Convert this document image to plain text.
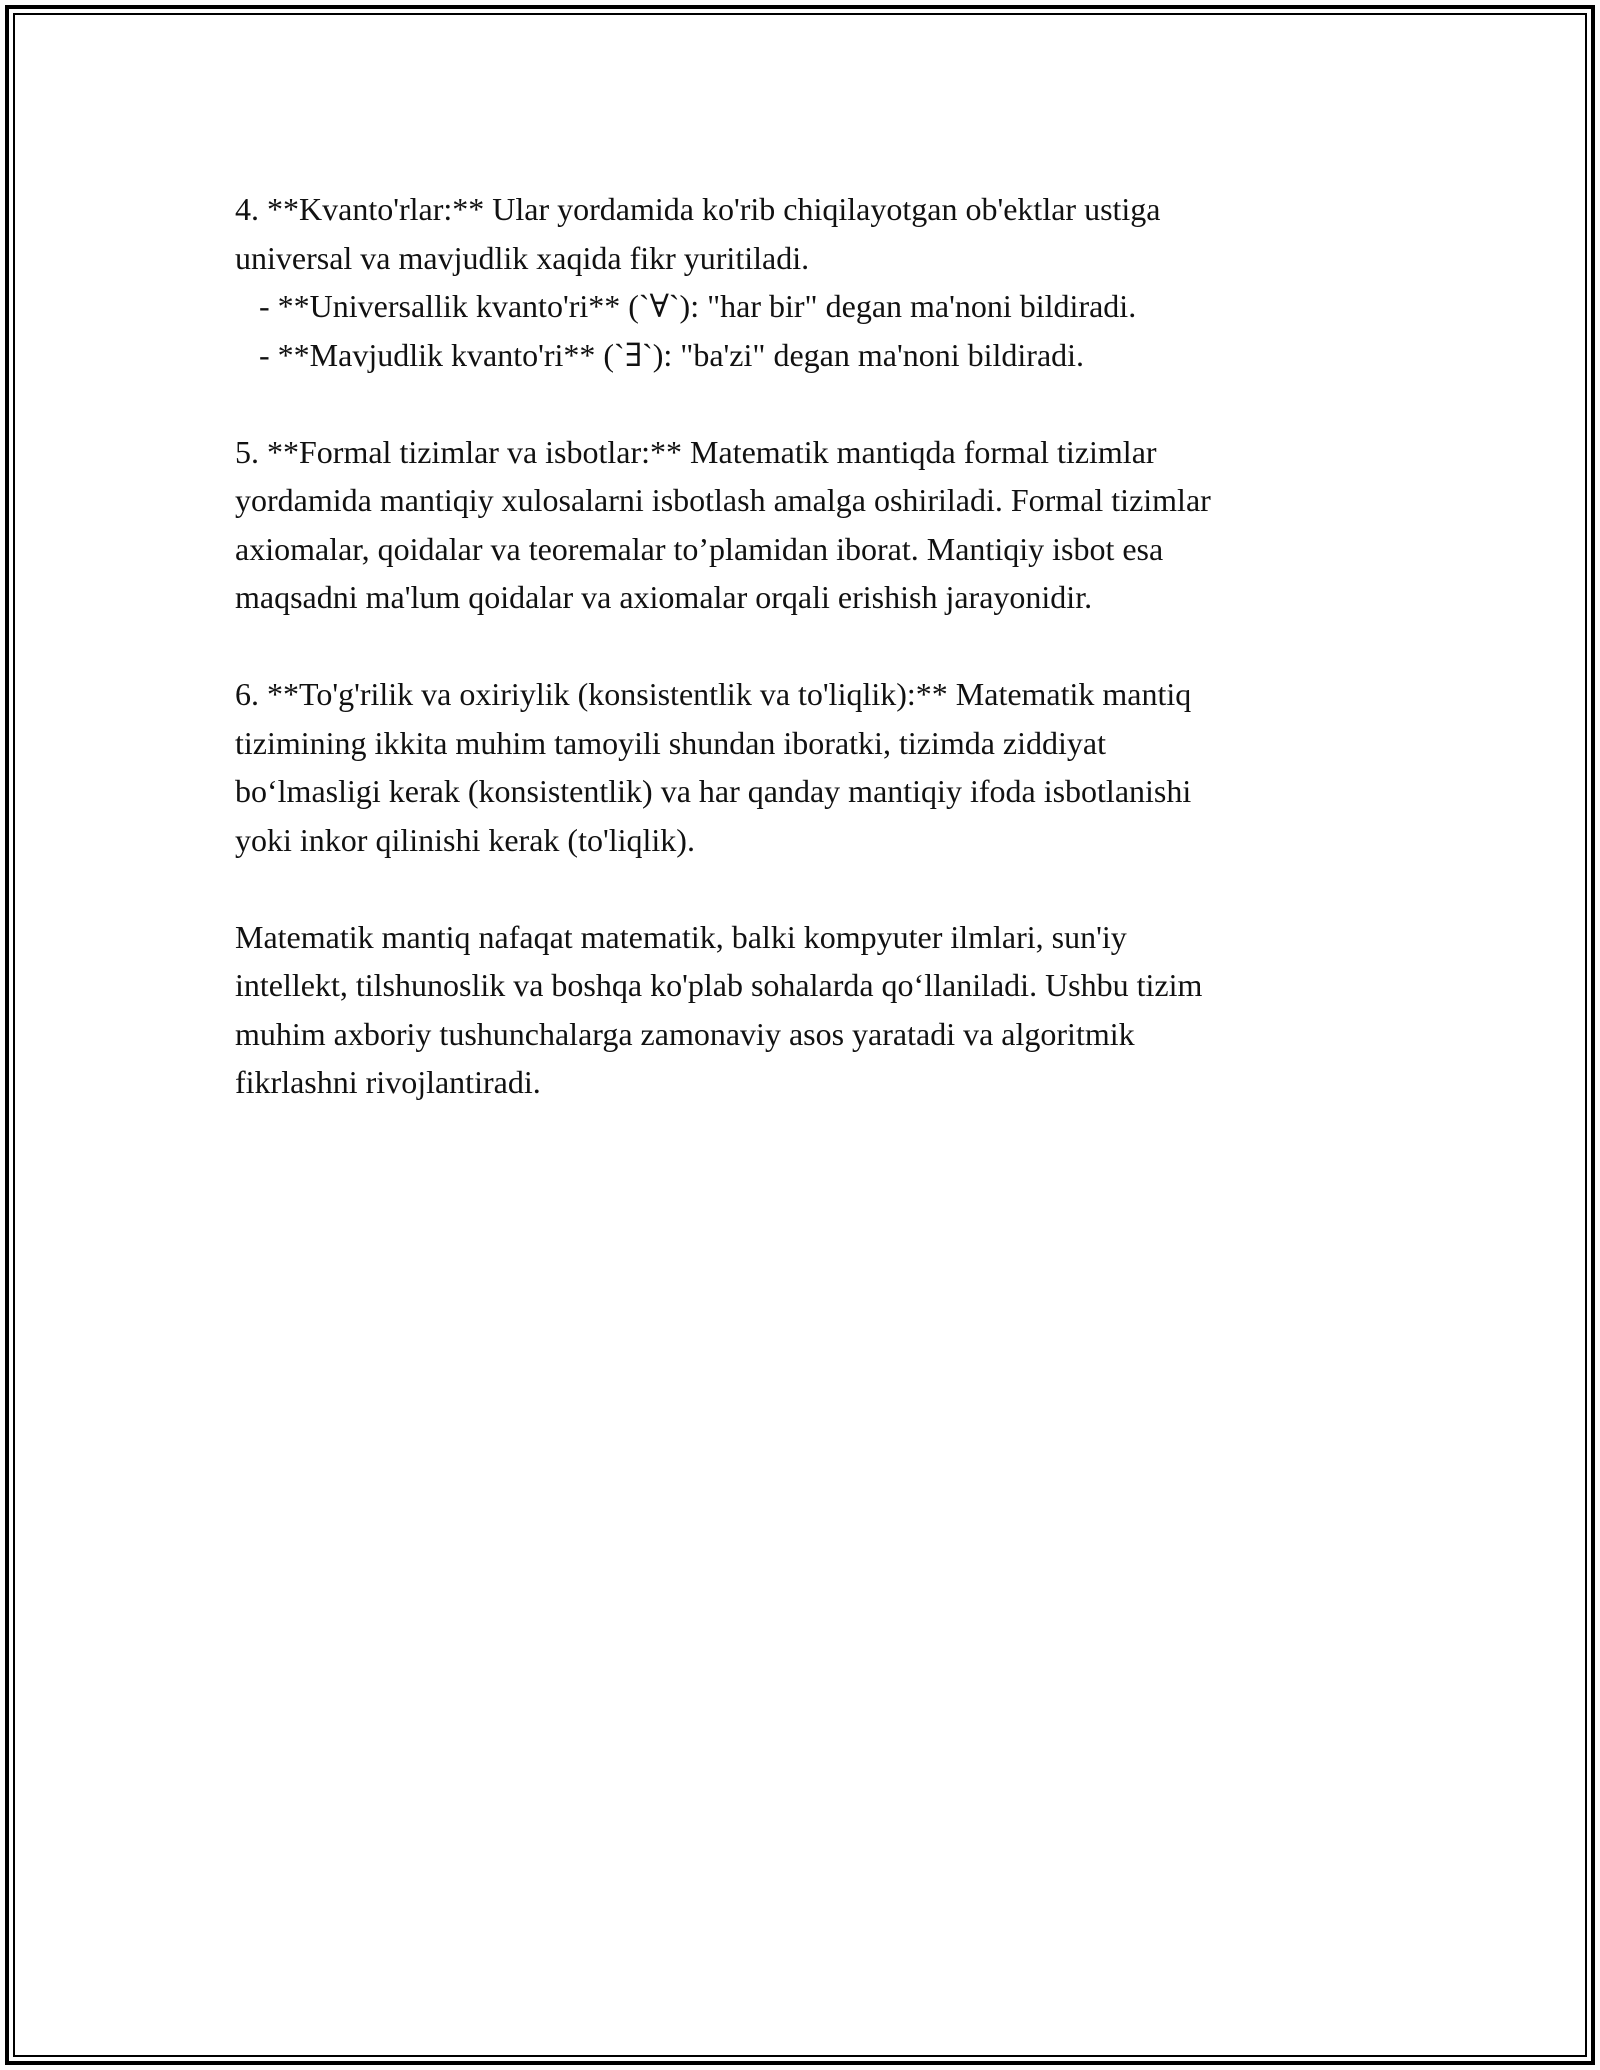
4. **Kvanto'rlar:** Ular yordamida ko'rib chiqilayotgan ob'ektlar ustiga
universal va mavjudlik xaqida fikr yuritiladi.
- **Universallik kvanto'ri** (`∀`): "har bir" degan ma'noni bildiradi.
- **Mavjudlik kvanto'ri** (`∃`): "ba'zi" degan ma'noni bildiradi.
5. **Formal tizimlar va isbotlar:** Matematik mantiqda formal tizimlar
yordamida mantiqiy xulosalarni isbotlash amalga oshiriladi. Formal tizimlar
axiomalar, qoidalar va teoremalar to’plamidan iborat. Mantiqiy isbot esa
maqsadni ma'lum qoidalar va axiomalar orqali erishish jarayonidir.
6. **To'g'rilik va oxiriylik (konsistentlik va to'liqlik):** Matematik mantiq
tizimining ikkita muhim tamoyili shundan iboratki, tizimda ziddiyat
bo‘lmasligi kerak (konsistentlik) va har qanday mantiqiy ifoda isbotlanishi
yoki inkor qilinishi kerak (to'liqlik).
Matematik mantiq nafaqat matematik, balki kompyuter ilmlari, sun'iy
intellekt, tilshunoslik va boshqa ko'plab sohalarda qo‘llaniladi. Ushbu tizim
muhim axboriy tushunchalarga zamonaviy asos yaratadi va algoritmik
fikrlashni rivojlantiradi.
